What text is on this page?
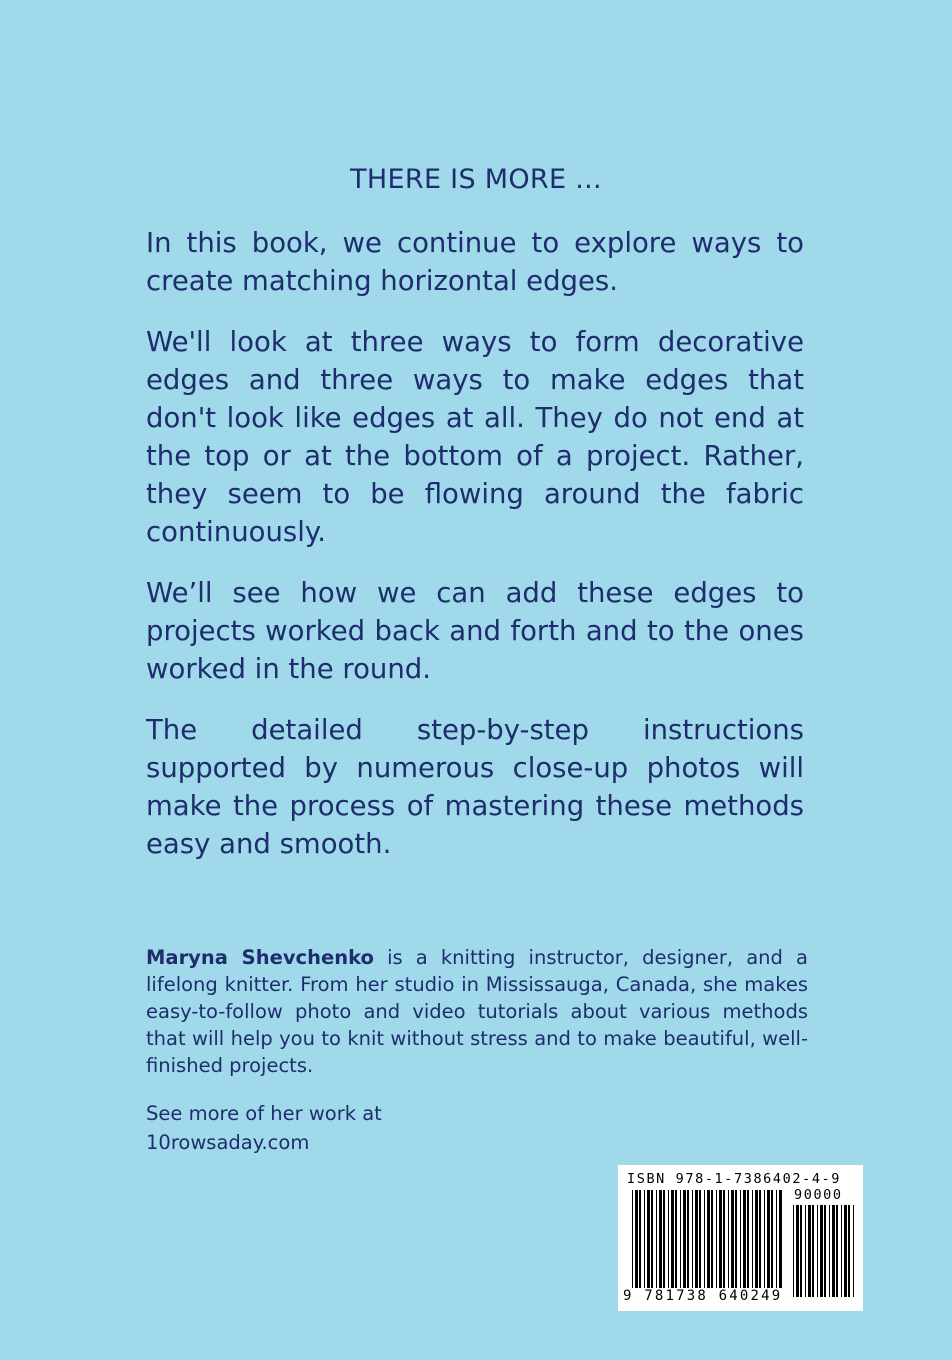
THERE IS MORE ...

In this book, we continue to explore ways to create matching horizontal edges.

We'll look at three ways to form decorative edges and three ways to make edges that don't look like edges at all. They do not end at the top or at the bottom of a project. Rather, they seem to be flowing around the fabric continuously.

We’ll see how we can add these edges to projects worked back and forth and to the ones worked in the round.

The detailed step-by-step instructions supported by numerous close-up photos will make the process of mastering these methods easy and smooth.

Maryna Shevchenko is a knitting instructor, designer, and a lifelong knitter. From her studio in Mississauga, Canada, she makes easy-to-follow photo and video tutorials about various methods that will help you to knit without stress and to make beautiful, well-finished projects.

See more of her work at
10rowsaday.com
ISBN 978-1-7386402-4-9
90000
9 781738 640249
